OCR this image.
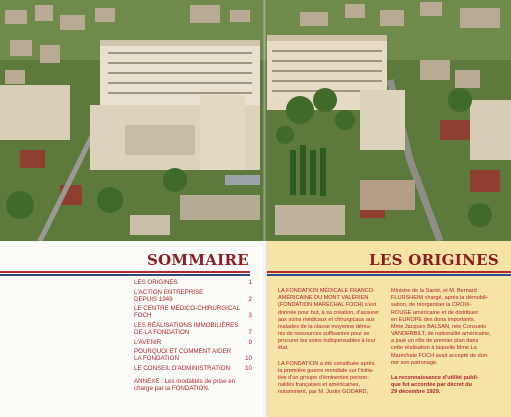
SOMMAIRE
LES ORIGINES	1
L'ACTION ENTREPRISE
DEPUIS 1949	2
LE CENTRE MÉDICO-CHIRURGICAL
FOCH	3
LES RÉALISATIONS IMMOBILIÈRES
DE LA FONDATION	7
L'AVENIR	9
POURQUOI ET COMMENT AIDER
LA FONDATION	10
LE CONSEIL D'ADMINISTRATION	10
ANNEXE : Les modalités de prise en
charge par la FONDATION.
LES ORIGINES

LA FONDATION MÉDICALE FRANCO-
AMÉRICAINE DU MONT VALÉRIEN
(FONDATION MARÉCHAL FOCH) s'est
donnée pour but, à sa création, d'assurer
aux soins médicaux et chirurgicaux aux
malades de la classe moyenne dému-
nis de ressources suffisantes pour se
procurer les soins indispensables à leur
état.

LA FONDATION a été constituée après
la première guerre mondiale sur l'initia-
tive d'un groupe d'éminentes person-
nalités françaises et américaines,
notamment, par M. Justin GODARD,

Ministre de la Santé, et M. Bernard
FLURSHEIM chargé, après la démobili-
sation, de réorganiser la CROIX-
ROUGE américaine et de distribuer
en EUROPE des dons importants.
Mme Jacques BALSAN, née Consuelo
VANDERBILT, de nationalité américaine,
a joué un rôle de premier plan dans
cette réalisation à laquelle Mme La
Maréchale FOCH avait accepté de don-
ner son patronage.

La reconnaissance d'utilité publi-
que fut accordée par décret du
29 décembre 1929.
